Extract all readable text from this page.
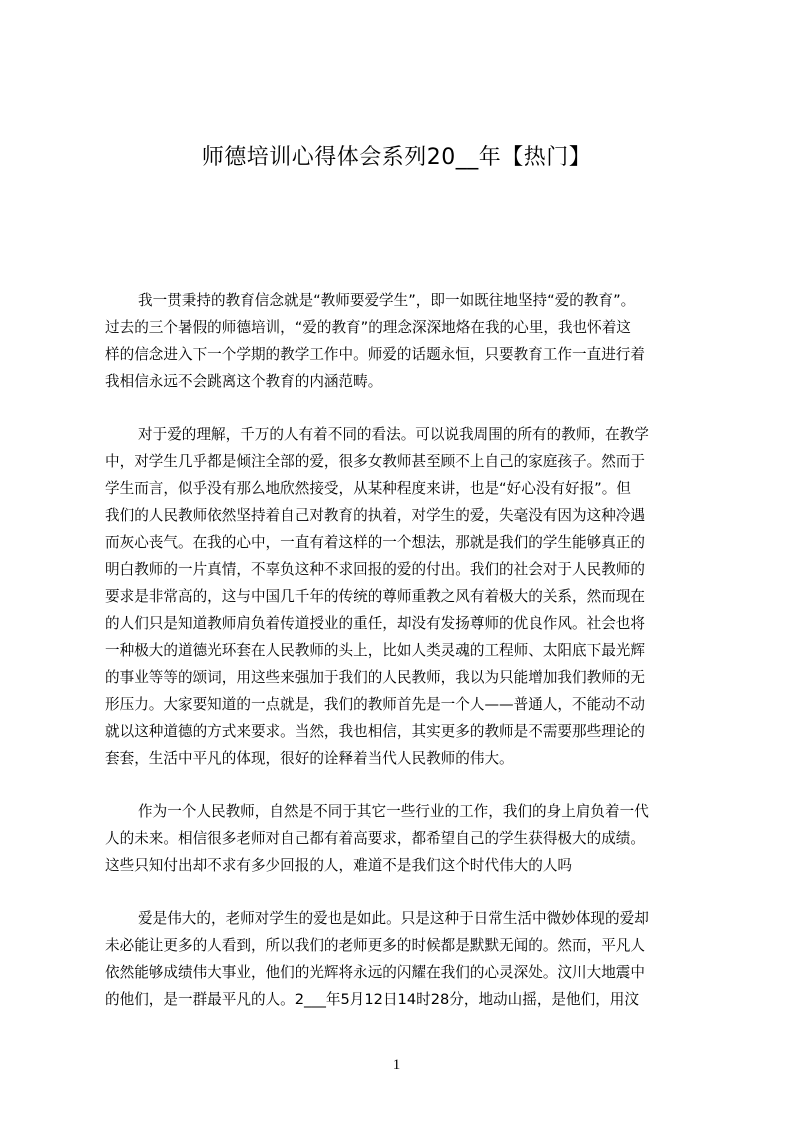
师德培训心得体会系列20__年【热门】
我一贯秉持的教育信念就是“教师要爱学生”，即一如既往地坚持“爱的教育”。
过去的三个暑假的师德培训，“爱的教育”的理念深深地烙在我的心里，我也怀着这
样的信念进入下一个学期的教学工作中。师爱的话题永恒，只要教育工作一直进行着
我相信永远不会跳离这个教育的内涵范畴。
对于爱的理解，千万的人有着不同的看法。可以说我周围的所有的教师，在教学
中，对学生几乎都是倾注全部的爱，很多女教师甚至顾不上自己的家庭孩子。然而于
学生而言，似乎没有那么地欣然接受，从某种程度来讲，也是“好心没有好报”。但
我们的人民教师依然坚持着自己对教育的执着，对学生的爱，失毫没有因为这种冷遇
而灰心丧气。在我的心中，一直有着这样的一个想法，那就是我们的学生能够真正的
明白教师的一片真情，不辜负这种不求回报的爱的付出。我们的社会对于人民教师的
要求是非常高的，这与中国几千年的传统的尊师重教之风有着极大的关系，然而现在
的人们只是知道教师肩负着传道授业的重任，却没有发扬尊师的优良作风。社会也将
一种极大的道德光环套在人民教师的头上，比如人类灵魂的工程师、太阳底下最光辉
的事业等等的颂词，用这些来强加于我们的人民教师，我以为只能增加我们教师的无
形压力。大家要知道的一点就是，我们的教师首先是一个人——普通人，不能动不动
就以这种道德的方式来要求。当然，我也相信，其实更多的教师是不需要那些理论的
套套，生活中平凡的体现，很好的诠释着当代人民教师的伟大。
作为一个人民教师，自然是不同于其它一些行业的工作，我们的身上肩负着一代
人的未来。相信很多老师对自己都有着高要求，都希望自己的学生获得极大的成绩。
这些只知付出却不求有多少回报的人，难道不是我们这个时代伟大的人吗
爱是伟大的，老师对学生的爱也是如此。只是这种于日常生活中微妙体现的爱却
未必能让更多的人看到，所以我们的老师更多的时候都是默默无闻的。然而，平凡人
依然能够成绩伟大事业，他们的光辉将永远的闪耀在我们的心灵深处。汶川大地震中
的他们，是一群最平凡的人。2___年5月12日14时28分，地动山摇，是他们，用汶
1
